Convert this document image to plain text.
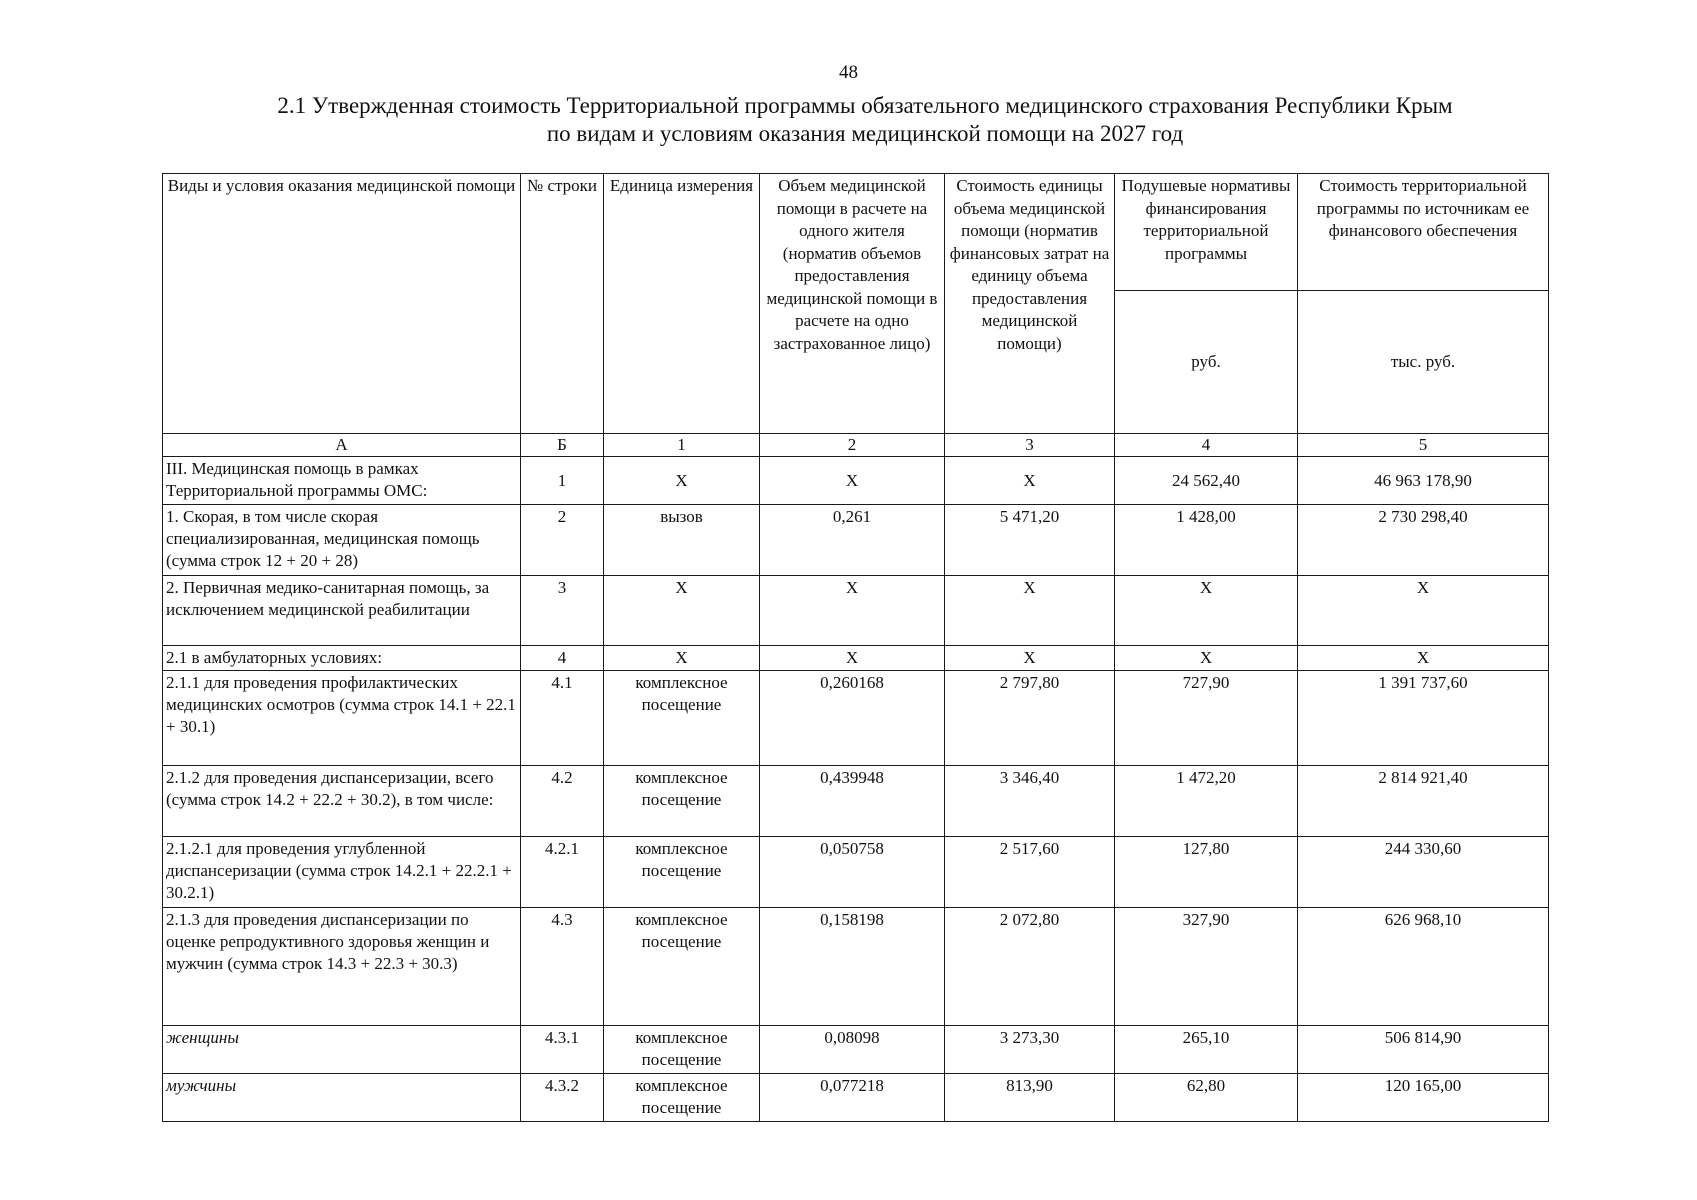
48
2.1 Утвержденная стоимость Территориальной программы обязательного медицинского страхования Республики Крым
по видам и условиям оказания медицинской помощи на 2027 год
Виды и условия оказания медицинской помощи	№ строки	Единица измерения	Объем медицинской помощи в расчете на одного жителя (норматив объемов предоставления медицинской помощи в расчете на одно застрахованное лицо)	Стоимость единицы объема медицинской помощи (норматив финансовых затрат на единицу объема предоставления медицинской помощи)	Подушевые нормативы финансирования территориальной программы	Стоимость территориальной программы по источникам ее финансового обеспечения
					руб.	тыс. руб.
А	Б	1	2	3	4	5
III. Медицинская помощь в рамках Территориальной программы ОМС:	1	Х	Х	Х	24 562,40	46 963 178,90
1. Скорая, в том числе скорая специализированная, медицинская помощь (сумма строк 12 + 20 + 28)	2	вызов	0,261	5 471,20	1 428,00	2 730 298,40
2. Первичная медико-санитарная помощь, за исключением медицинской реабилитации	3	Х	Х	Х	Х	Х
2.1 в амбулаторных условиях:	4	Х	Х	Х	Х	Х
2.1.1 для проведения профилактических медицинских осмотров (сумма строк 14.1 + 22.1 + 30.1)	4.1	комплексное посещение	0,260168	2 797,80	727,90	1 391 737,60
2.1.2 для проведения диспансеризации, всего (сумма строк 14.2 + 22.2 + 30.2), в том числе:	4.2	комплексное посещение	0,439948	3 346,40	1 472,20	2 814 921,40
2.1.2.1 для проведения углубленной диспансеризации (сумма строк 14.2.1 + 22.2.1 + 30.2.1)	4.2.1	комплексное посещение	0,050758	2 517,60	127,80	244 330,60
2.1.3 для проведения диспансеризации по оценке репродуктивного здоровья женщин и мужчин (сумма строк 14.3 + 22.3 + 30.3)	4.3	комплексное посещение	0,158198	2 072,80	327,90	626 968,10
женщины	4.3.1	комплексное посещение	0,08098	3 273,30	265,10	506 814,90
мужчины	4.3.2	комплексное посещение	0,077218	813,90	62,80	120 165,00
